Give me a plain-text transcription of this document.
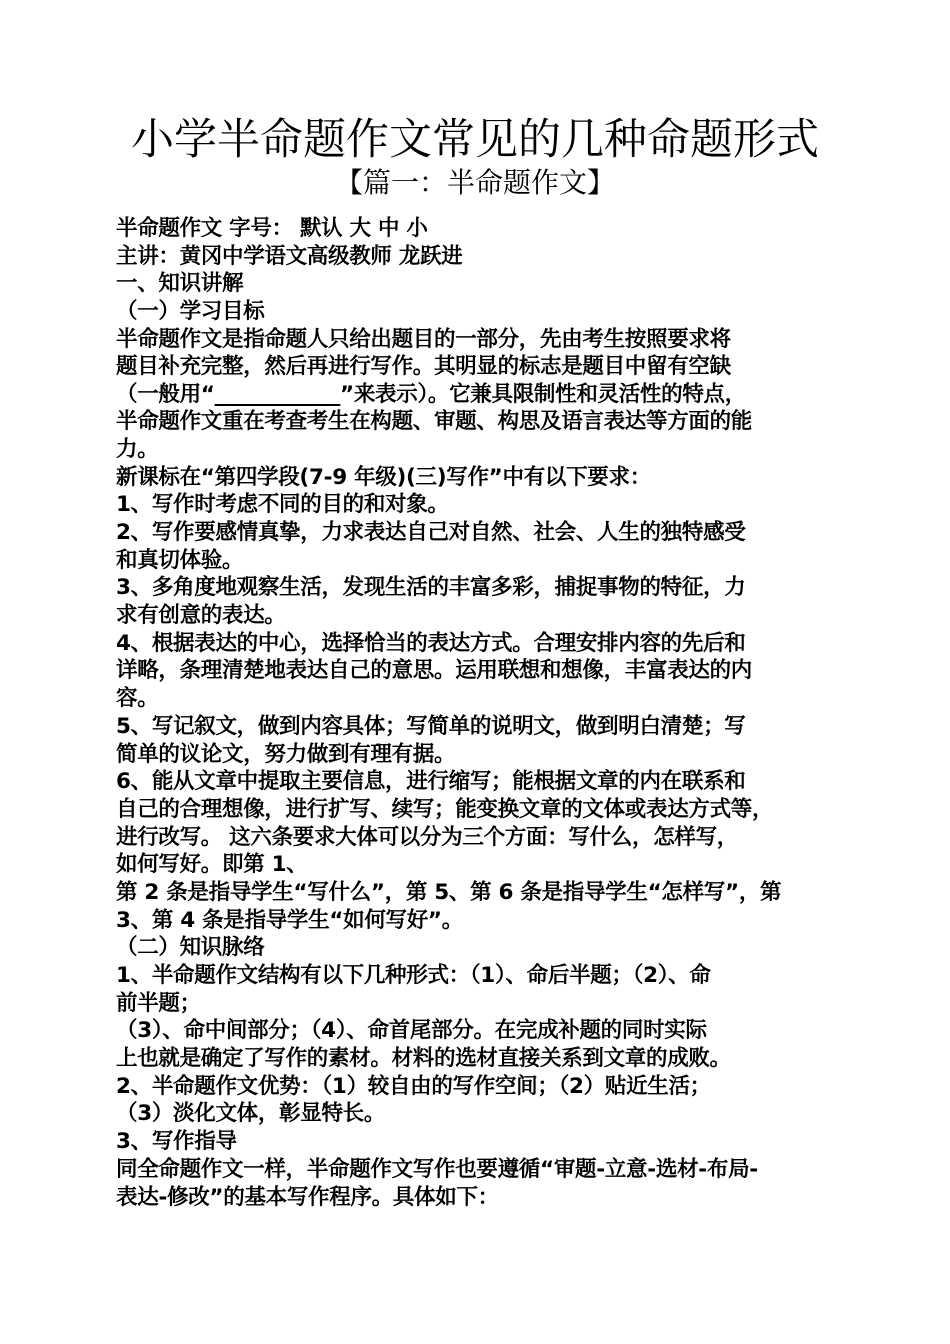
小学半命题作文常见的几种命题形式
【篇一：半命题作文】
半命题作文 字号： 默认 大 中 小
主讲：黄冈中学语文高级教师 龙跃进
一、知识讲解
（一）学习目标
半命题作文是指命题人只给出题目的一部分，先由考生按照要求将
题目补充完整，然后再进行写作。其明显的标志是题目中留有空缺
（一般用“____________”来表示）。它兼具限制性和灵活性的特点，
半命题作文重在考查考生在构题、审题、构思及语言表达等方面的能
力。
新课标在“第四学段(7-9 年级)(三)写作”中有以下要求：
1、写作时考虑不同的目的和对象。
2、写作要感情真挚，力求表达自己对自然、社会、人生的独特感受
和真切体验。
3、多角度地观察生活，发现生活的丰富多彩，捕捉事物的特征，力
求有创意的表达。
4、根据表达的中心，选择恰当的表达方式。合理安排内容的先后和
详略，条理清楚地表达自己的意思。运用联想和想像，丰富表达的内
容。
5、写记叙文，做到内容具体；写简单的说明文，做到明白清楚；写
简单的议论文，努力做到有理有据。
6、能从文章中提取主要信息，进行缩写；能根据文章的内在联系和
自己的合理想像，进行扩写、续写；能变换文章的文体或表达方式等，
进行改写。 这六条要求大体可以分为三个方面：写什么，怎样写，
如何写好。即第 1、
第 2 条是指导学生“写什么”，第 5、第 6 条是指导学生“怎样写”，第
3、第 4 条是指导学生“如何写好”。
（二）知识脉络
1、半命题作文结构有以下几种形式：（1）、命后半题；（2）、命
前半题；
（3）、命中间部分；（4）、命首尾部分。在完成补题的同时实际
上也就是确定了写作的素材。材料的选材直接关系到文章的成败。
2、半命题作文优势：（1）较自由的写作空间；（2）贴近生活；
（3）淡化文体，彰显特长。
3、写作指导
同全命题作文一样，半命题作文写作也要遵循“审题-立意-选材-布局-
表达-修改”的基本写作程序。具体如下：
